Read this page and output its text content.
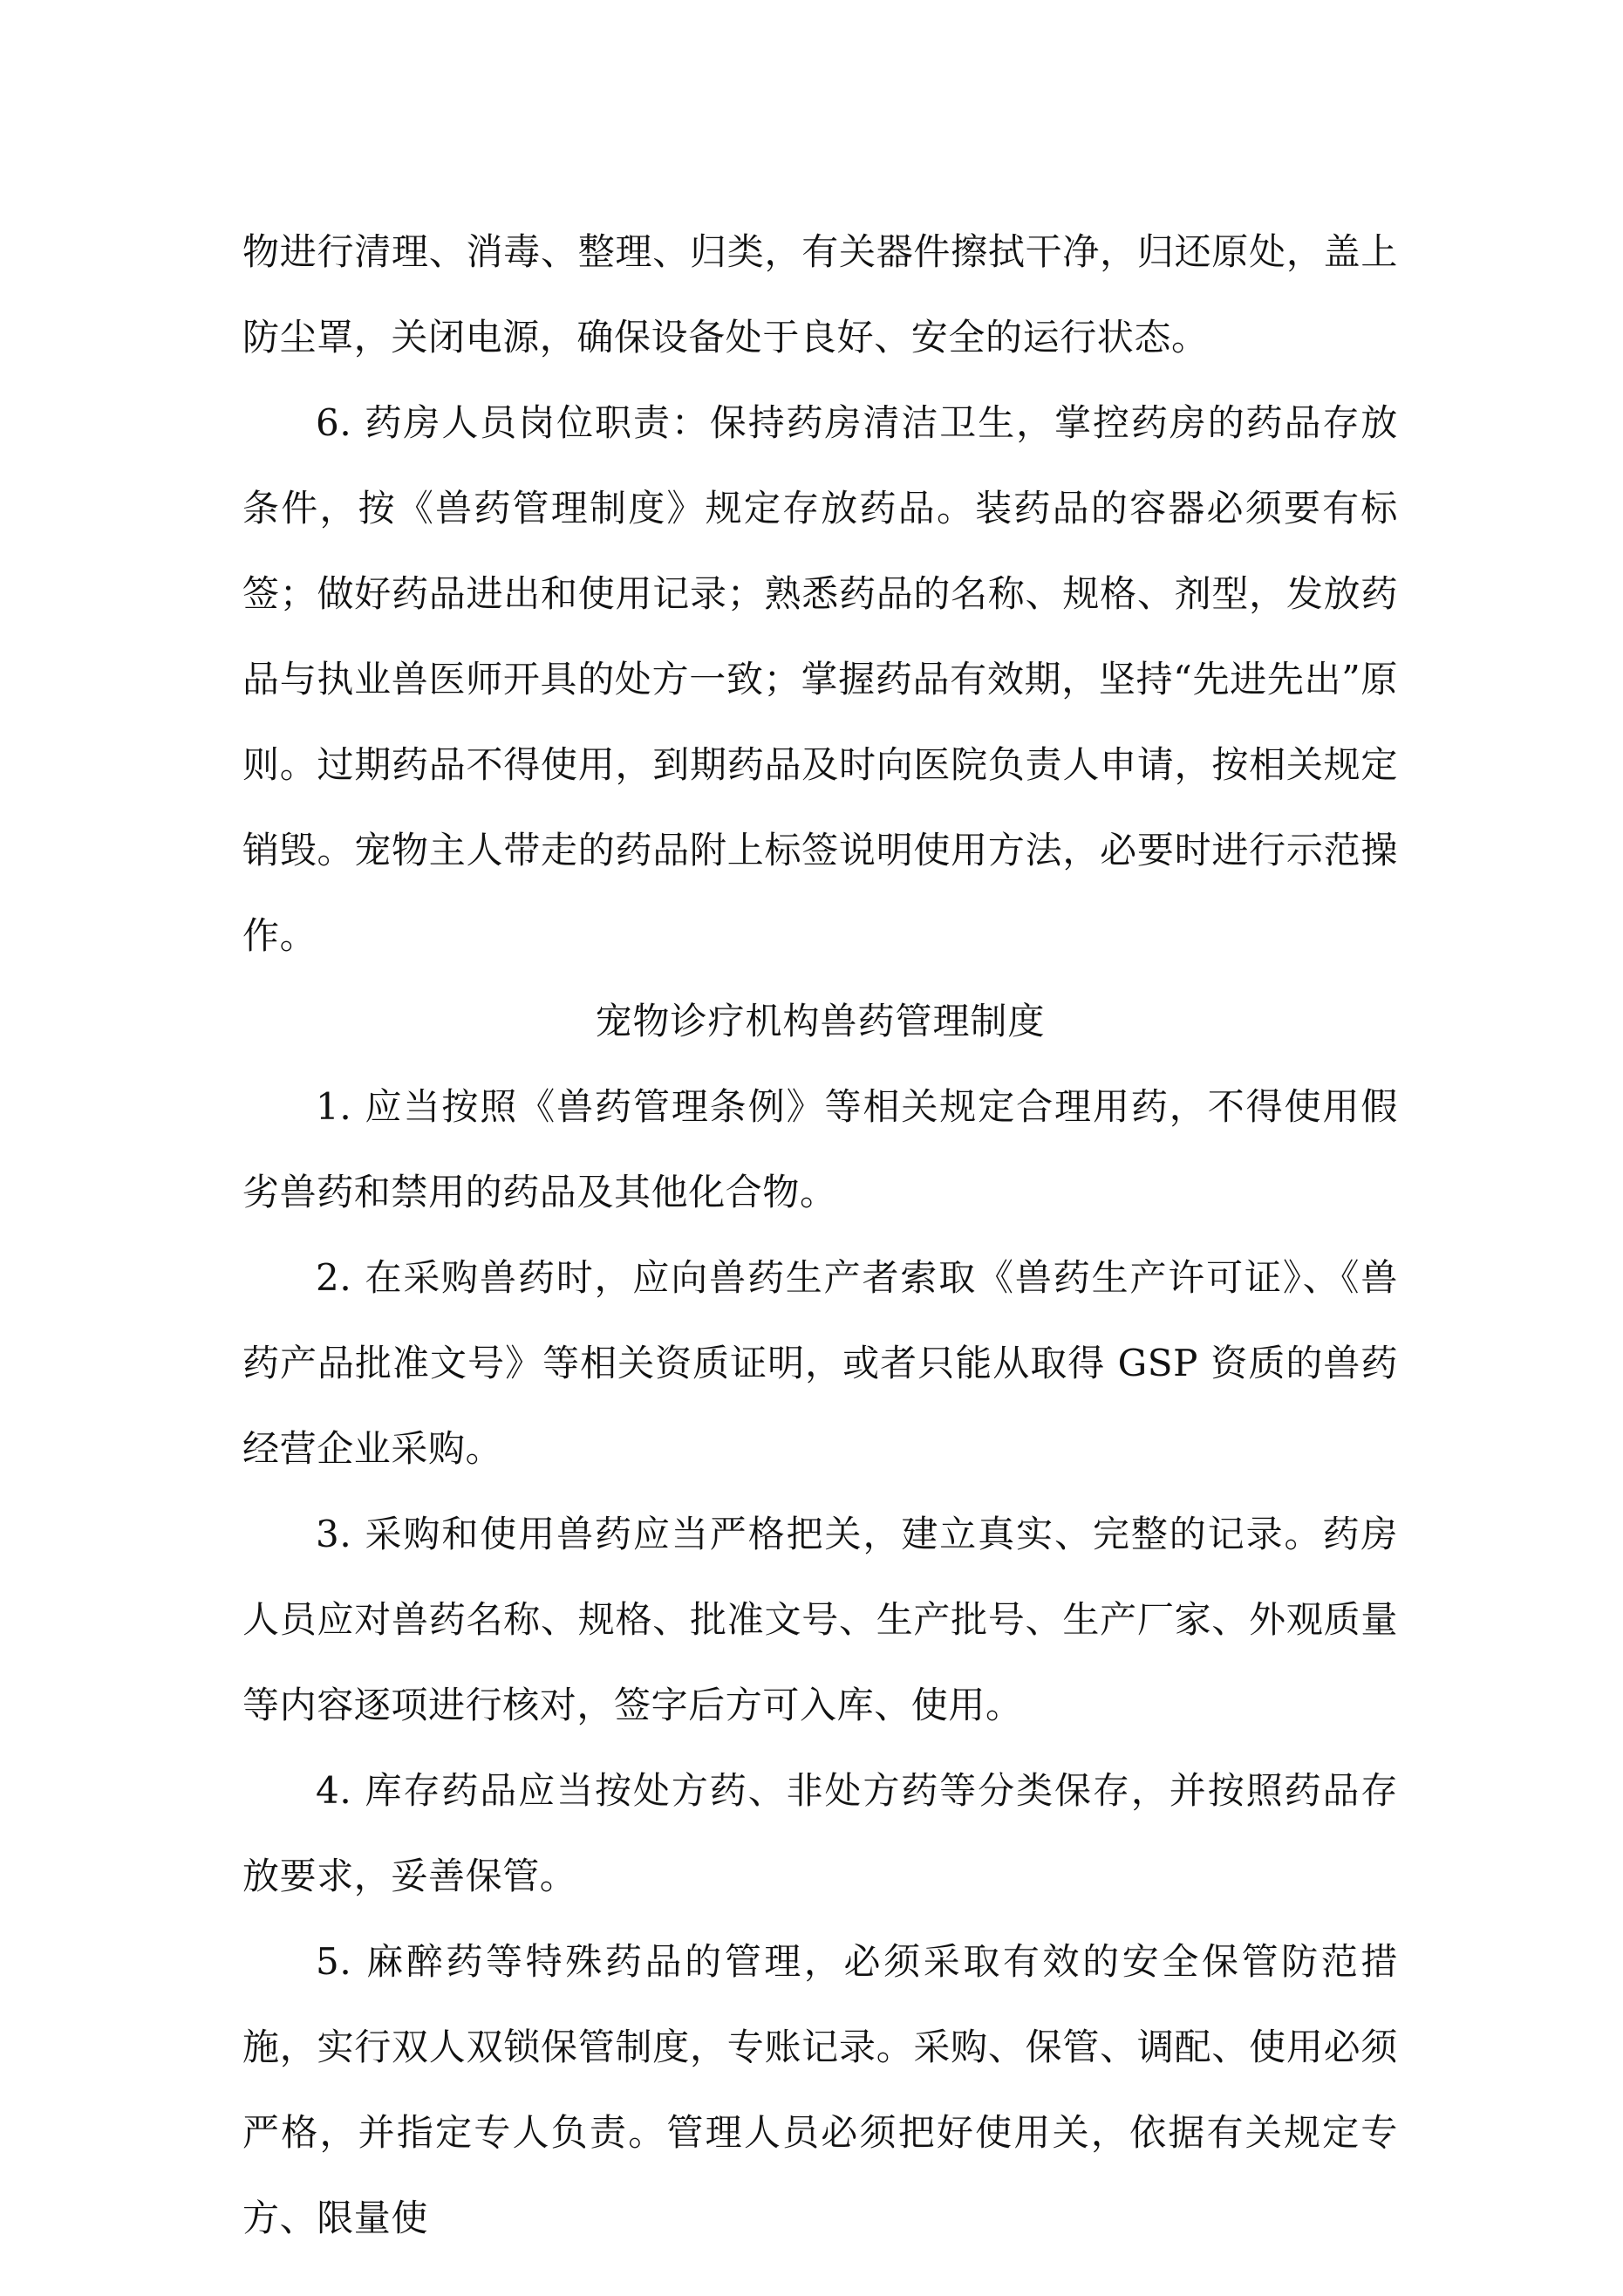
物进行清理、消毒、整理、归类，有关器件擦拭干净，归还原处，盖上防尘罩，关闭电源，确保设备处于良好、安全的运行状态。

6. 药房人员岗位职责：保持药房清洁卫生，掌控药房的药品存放条件，按《兽药管理制度》规定存放药品。装药品的容器必须要有标签；做好药品进出和使用记录；熟悉药品的名称、规格、剂型，发放药品与执业兽医师开具的处方一致；掌握药品有效期，坚持“先进先出”原则。过期药品不得使用，到期药品及时向医院负责人申请，按相关规定销毁。宠物主人带走的药品附上标签说明使用方法，必要时进行示范操作。

宠物诊疗机构兽药管理制度

1. 应当按照《兽药管理条例》等相关规定合理用药，不得使用假劣兽药和禁用的药品及其他化合物。

2. 在采购兽药时，应向兽药生产者索取《兽药生产许可证》、《兽药产品批准文号》等相关资质证明，或者只能从取得 GSP 资质的兽药经营企业采购。

3. 采购和使用兽药应当严格把关，建立真实、完整的记录。药房人员应对兽药名称、规格、批准文号、生产批号、生产厂家、外观质量等内容逐项进行核对，签字后方可入库、使用。

4. 库存药品应当按处方药、非处方药等分类保存，并按照药品存放要求，妥善保管。

5. 麻醉药等特殊药品的管理，必须采取有效的安全保管防范措施，实行双人双锁保管制度，专账记录。采购、保管、调配、使用必须严格，并指定专人负责。管理人员必须把好使用关，依据有关规定专方、限量使
